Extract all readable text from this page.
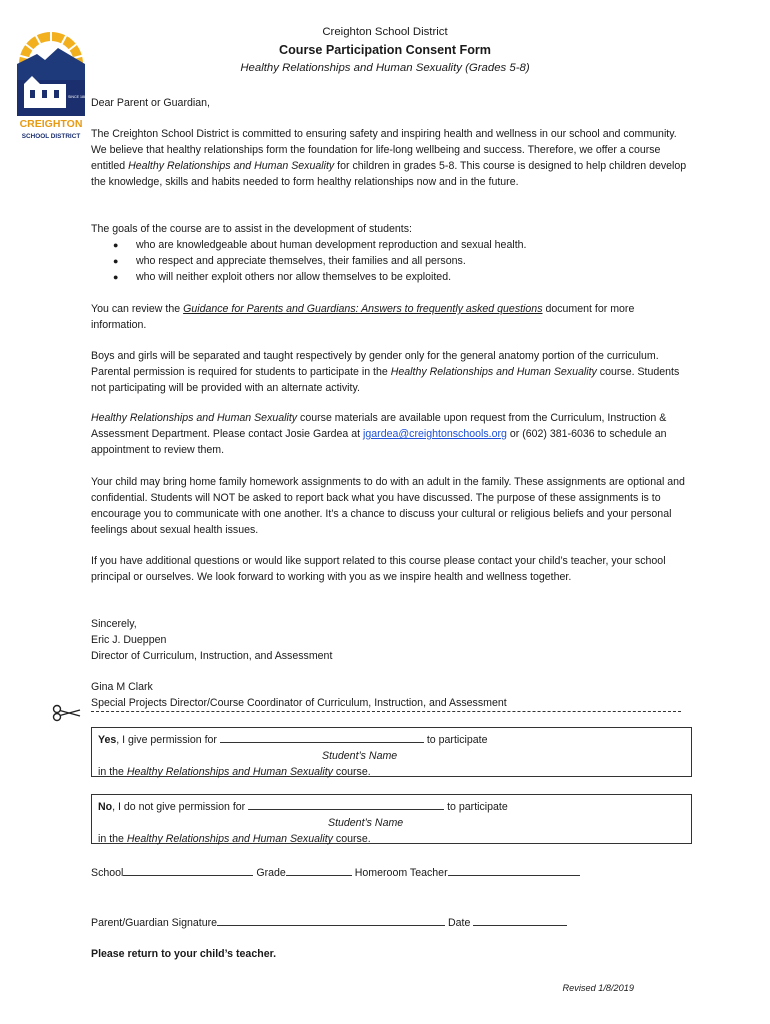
SINCE 1884
CREIGHTON
SCHOOL DISTRICT
Creighton School District
Course Participation Consent Form
Healthy Relationships and Human Sexuality (Grades 5-8)
Dear Parent or Guardian,

The Creighton School District is committed to ensuring safety and inspiring health and wellness in our school and community. We believe that healthy relationships form the foundation for life-long wellbeing and success. Therefore, we offer a course entitled Healthy Relationships and Human Sexuality for children in grades 5-8. This course is designed to help children develop the knowledge, skills and habits needed to form healthy relationships now and in the future.

The goals of the course are to assist in the development of students:

● who are knowledgeable about human development reproduction and sexual health.
● who respect and appreciate themselves, their families and all persons.
● who will neither exploit others nor allow themselves to be exploited.

You can review the Guidance for Parents and Guardians: Answers to frequently asked questions document for more information.

Boys and girls will be separated and taught respectively by gender only for the general anatomy portion of the curriculum. Parental permission is required for students to participate in the Healthy Relationships and Human Sexuality course. Students not participating will be provided with an alternate activity.

Healthy Relationships and Human Sexuality course materials are available upon request from the Curriculum, Instruction & Assessment Department. Please contact Josie Gardea at jgardea@creightonschools.org or (602) 381-6036 to schedule an appointment to review them.

Your child may bring home family homework assignments to do with an adult in the family. These assignments are optional and confidential. Students will NOT be asked to report back what you have discussed. The purpose of these assignments is to encourage you to communicate with one another. It’s a chance to discuss your cultural or religious beliefs and your personal feelings about sexual health issues.

If you have additional questions or would like support related to this course please contact your child’s teacher, your school principal or ourselves. We look forward to working with you as we inspire health and wellness together.

Sincerely,

Eric J. Dueppen

Director of Curriculum, Instruction, and Assessment

Gina M Clark

Special Projects Director/Course Coordinator of Curriculum, Instruction, and Assessment

Yes, I give permission for	to participate
Student’s Name
in the Healthy Relationships and Human Sexuality course.
No, I do not give permission for	to participate
Student’s Name
in the Healthy Relationships and Human Sexuality course.
School	Grade	Homeroom Teacher
Parent/Guardian Signature	Date
Please return to your child’s teacher.
Revised 1/8/2019
